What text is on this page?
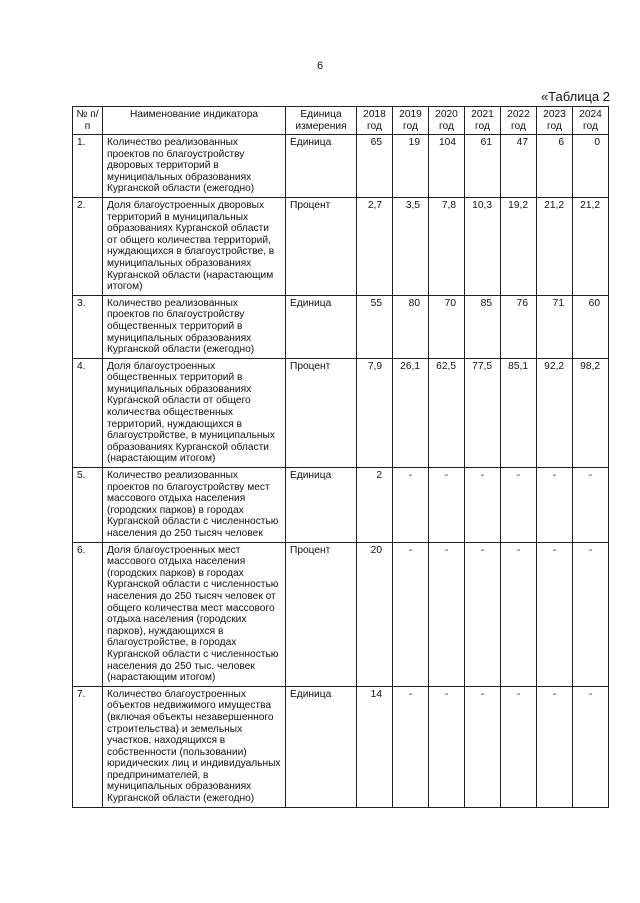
6
«Таблица 2
№ п/п	Наименование индикатора	Единица измерения	2018 год	2019 год	2020 год	2021 год	2022 год	2023 год	2024 год
1.	Количество реализованных проектов по благоустройству дворовых территорий в муниципальных образованиях Курганской области (ежегодно)	Единица	65	19	104	61	47	6	0
2.	Доля благоустроенных дворовых территорий в муниципальных образованиях Курганской области от общего количества территорий, нуждающихся в благоустройстве, в муниципальных образованиях Курганской области (нарастающим итогом)	Процент	2,7	3,5	7,8	10,3	19,2	21,2	21,2
3.	Количество реализованных проектов по благоустройству общественных территорий в муниципальных образованиях Курганской области (ежегодно)	Единица	55	80	70	85	76	71	60
4.	Доля благоустроенных общественных территорий в муниципальных образованиях Курганской области от общего количества общественных территорий, нуждающихся в благоустройстве, в муниципальных образованиях Курганской области (нарастающим итогом)	Процент	7,9	26,1	62,5	77,5	85,1	92,2	98,2
5.	Количество реализованных проектов по благоустройству мест массового отдыха населения (городских парков) в городах Курганской области с численностью населения до 250 тысяч человек	Единица	2	-	-	-	-	-	-
6.	Доля благоустроенных мест массового отдыха населения (городских парков) в городах Курганской области с численностью населения до 250 тысяч человек от общего количества мест массового отдыха населения (городских парков), нуждающихся в благоустройстве, в городах Курганской области с численностью населения до 250 тыс. человек (нарастающим итогом)	Процент	20	-	-	-	-	-	-
7.	Количество благоустроенных объектов недвижимого имущества (включая объекты незавершенного строительства) и земельных участков, находящихся в собственности (пользовании) юридических лиц и индивидуальных предпринимателей, в муниципальных образованиях Курганской области (ежегодно)	Единица	14	-	-	-	-	-	-
